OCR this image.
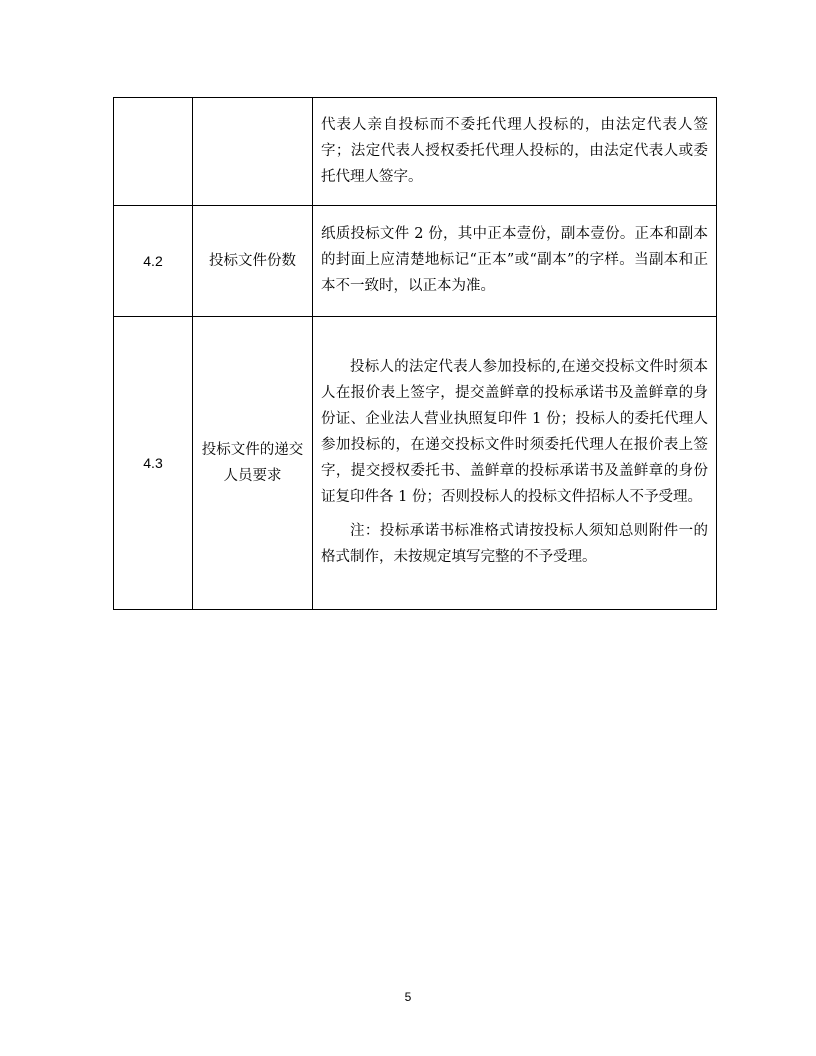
		代表人亲自投标而不委托代理人投标的，由法定代表人签字；法定代表人授权委托代理人投标的，由法定代表人或委托代理人签字。

4.2	投标文件份数	纸质投标文件 2 份，其中正本壹份，副本壹份。正本和副本的封面上应清楚地标记“正本”或“副本”的字样。当副本和正本不一致时，以正本为准。

4.3	投标文件的递交人员要求	投标人的法定代表人参加投标的,在递交投标文件时须本人在报价表上签字，提交盖鲜章的投标承诺书及盖鲜章的身份证、企业法人营业执照复印件 1 份；投标人的委托代理人参加投标的，在递交投标文件时须委托代理人在报价表上签字，提交授权委托书、盖鲜章的投标承诺书及盖鲜章的身份证复印件各 1 份；否则投标人的投标文件招标人不予受理。

注：投标承诺书标准格式请按投标人须知总则附件一的格式制作，未按规定填写完整的不予受理。

5
